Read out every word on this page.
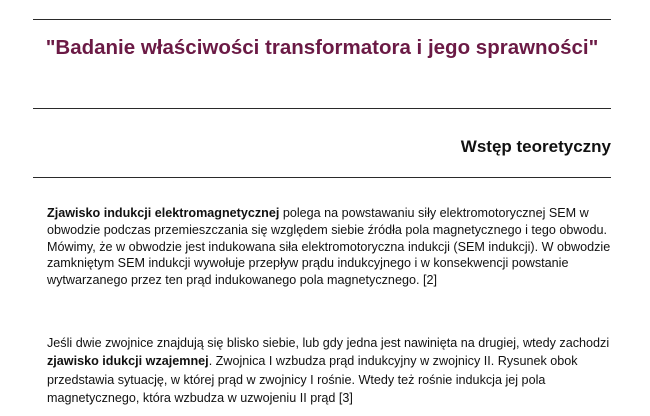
"Badanie właściwości transformatora i jego sprawności"
Wstęp teoretyczny

Zjawisko indukcji elektromagnetycznej polega na powstawaniu siły elektromotorycznej SEM w obwodzie podczas przemieszczania się względem siebie źródła pola magnetycznego i tego obwodu. Mówimy, że w obwodzie jest indukowana siła elektromotoryczna indukcji (SEM indukcji). W obwodzie zamkniętym SEM indukcji wywołuje przepływ prądu indukcyjnego i w konsekwencji powstanie wytwarzanego przez ten prąd indukowanego pola magnetycznego. [2]

Jeśli dwie zwojnice znajdują się blisko siebie, lub gdy jedna jest nawinięta na drugiej, wtedy zachodzi zjawisko idukcji wzajemnej. Zwojnica I wzbudza prąd indukcyjny w zwojnicy II. Rysunek obok przedstawia sytuację, w której prąd w zwojnicy I rośnie. Wtedy też rośnie indukcja jej pola magnetycznego, która wzbudza w uzwojeniu II prąd [3]
